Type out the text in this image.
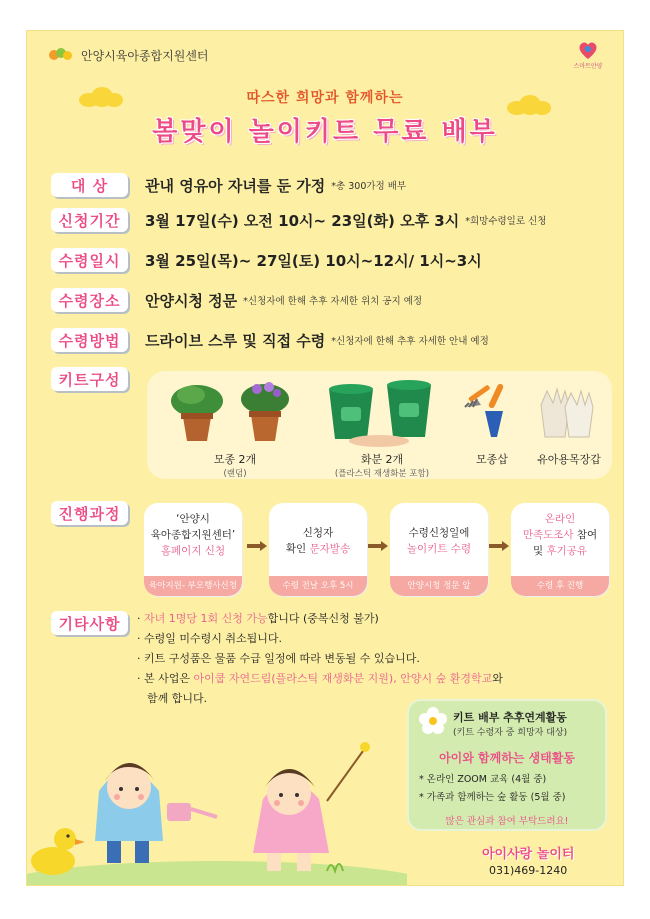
안양시육아종합지원센터
스마트안양
따스한 희망과 함께하는
봄맞이 놀이키트 무료 배부
대 상	관내 영유아 자녀를 둔 가정 *총 300가정 배부
신청기간	3월 17일(수) 오전 10시~ 23일(화) 오후 3시 *희망수령일로 신청
수령일시	3월 25일(목)~ 27일(토) 10시~12시/ 1시~3시
수령장소	안양시청 정문 *신청자에 한해 추후 자세한 위치 공지 예정
수령방법	드라이브 스루 및 직접 수령 *신청자에 한해 추후 자세한 안내 예정
키트구성
모종 2개
(랜덤)
화분 2개
(플라스틱 재생화분 포함)
모종삽	유아용목장갑
진행과정	‘안양시
육아종합지원센터’
홈페이지 신청
육아지원- 부모행사신청
신청자
확인 문자발송
수령 전날 오후 5시
수령신청일에
놀이키트 수령
안양시청 정문 앞
온라인
만족도조사 참여
및 후기공유
수령 후 진행
기타사항	· 자녀 1명당 1회 신청 가능합니다 (중복신청 불가)

· 수령일 미수령시 취소됩니다.

· 키트 구성품은 물품 수급 일정에 따라 변동될 수 있습니다.

· 본 사업은 아이쿱 자연드림(플라스틱 재생화분 지원), 안양시 숲 환경학교와

함께 합니다.

키트 배부 추후연계활동
(키트 수령자 중 희망자 대상)
아이와 함께하는 생태활동
* 온라인 ZOOM 교육 (4월 중)
* 가족과 함께하는 숲 활동 (5월 중)
많은 관심과 참여 부탁드려요!
아이사랑 놀이터
031)469-1240
